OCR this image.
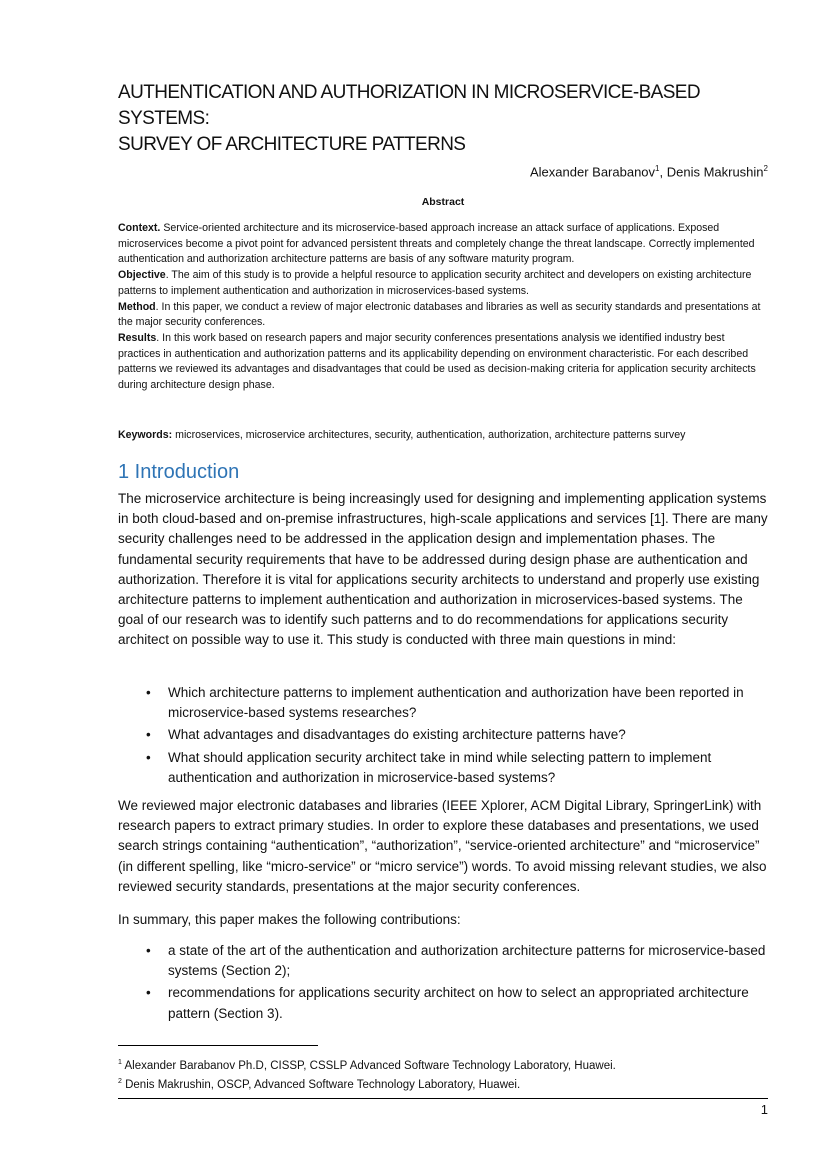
AUTHENTICATION AND AUTHORIZATION IN MICROSERVICE-BASED SYSTEMS:
SURVEY OF ARCHITECTURE PATTERNS
Alexander Barabanov$^1$, Denis Makrushin$^2$
Abstract

Context. Service-oriented architecture and its microservice-based approach increase an attack surface of applications. Exposed microservices become a pivot point for advanced persistent threats and completely change the threat landscape. Correctly implemented authentication and authorization architecture patterns are basis of any software maturity program.

Objective. The aim of this study is to provide a helpful resource to application security architect and developers on existing architecture patterns to implement authentication and authorization in microservices-based systems.

Method. In this paper, we conduct a review of major electronic databases and libraries as well as security standards and presentations at the major security conferences.

Results. In this work based on research papers and major security conferences presentations analysis we identified industry best practices in authentication and authorization patterns and its applicability depending on environment characteristic. For each described patterns we reviewed its advantages and disadvantages that could be used as decision-making criteria for application security architects during architecture design phase.

Keywords: microservices, microservice architectures, security, authentication, authorization, architecture patterns survey
1 Introduction

The microservice architecture is being increasingly used for designing and implementing application systems in both cloud-based and on-premise infrastructures, high-scale applications and services [1]. There are many security challenges need to be addressed in the application design and implementation phases. The fundamental security requirements that have to be addressed during design phase are authentication and authorization. Therefore it is vital for applications security architects to understand and properly use existing architecture patterns to implement authentication and authorization in microservices-based systems. The goal of our research was to identify such patterns and to do recommendations for applications security architect on possible way to use it. This study is conducted with three main questions in mind:

• Which architecture patterns to implement authentication and authorization have been reported in microservice-based systems researches?
• What advantages and disadvantages do existing architecture patterns have?
• What should application security architect take in mind while selecting pattern to implement authentication and authorization in microservice-based systems?

We reviewed major electronic databases and libraries (IEEE Xplorer, ACM Digital Library, SpringerLink) with research papers to extract primary studies. In order to explore these databases and presentations, we used search strings containing “authentication”, “authorization”, “service-oriented architecture” and “microservice” (in different spelling, like “micro-service” or “micro service”) words. To avoid missing relevant studies, we also reviewed security standards, presentations at the major security conferences.

In summary, this paper makes the following contributions:

• a state of the art of the authentication and authorization architecture patterns for microservice-based systems (Section 2);
• recommendations for applications security architect on how to select an appropriated architecture pattern (Section 3).

$^1$ Alexander Barabanov Ph.D, CISSP, CSSLP Advanced Software Technology Laboratory, Huawei.

$^2$ Denis Makrushin, OSCP, Advanced Software Technology Laboratory, Huawei.

1
